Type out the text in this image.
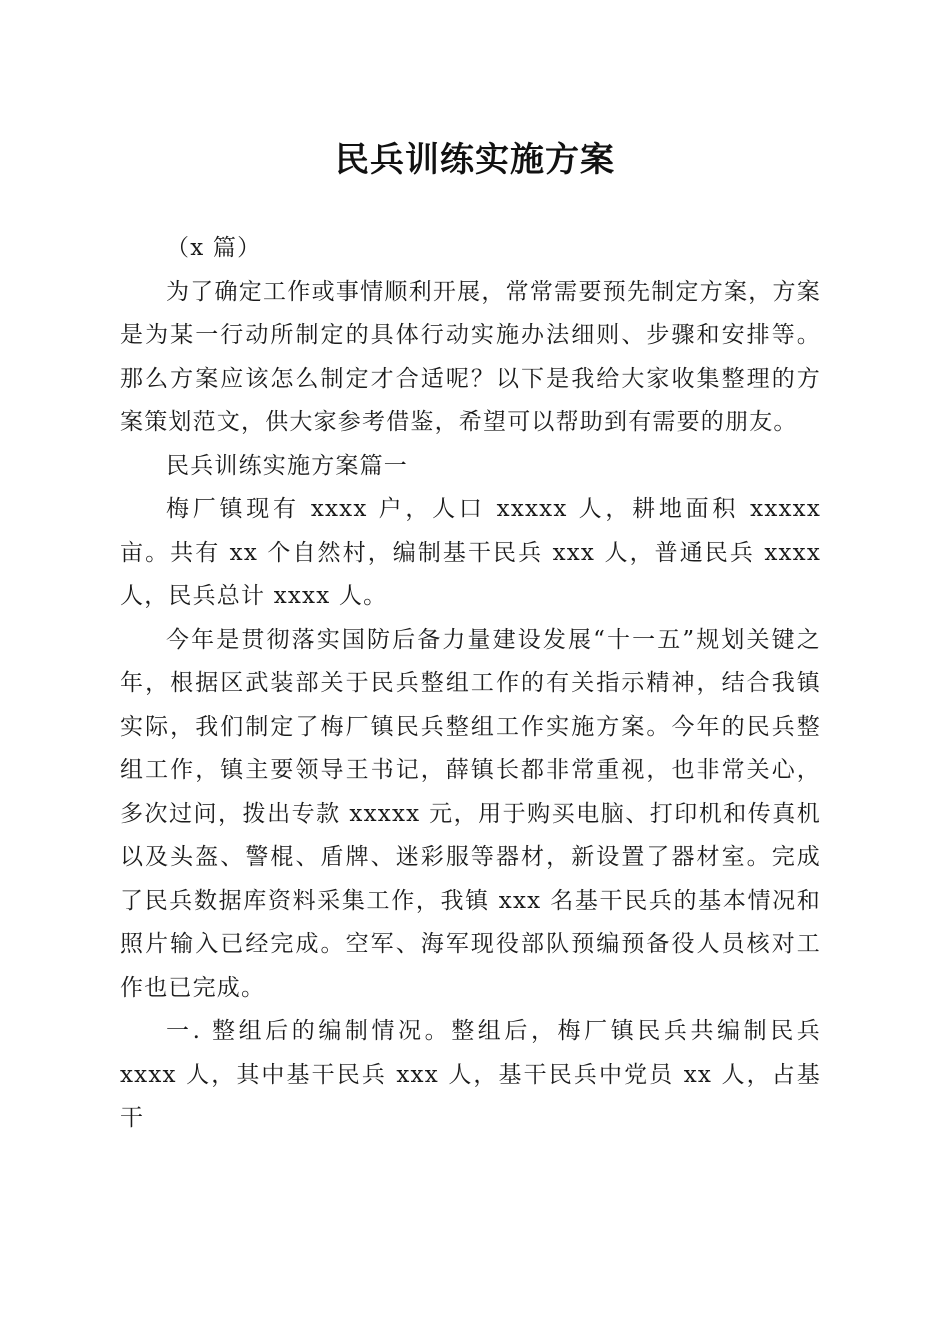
民兵训练实施方案

（x 篇）

为了确定工作或事情顺利开展，常常需要预先制定方案，方案是为某一行动所制定的具体行动实施办法细则、步骤和安排等。那么方案应该怎么制定才合适呢？以下是我给大家收集整理的方案策划范文，供大家参考借鉴，希望可以帮助到有需要的朋友。

民兵训练实施方案篇一

梅厂镇现有 xxxx 户，人口 xxxxx 人，耕地面积 xxxxx 亩。共有 xx 个自然村，编制基干民兵 xxx 人，普通民兵 xxxx 人，民兵总计 xxxx 人。

今年是贯彻落实国防后备力量建设发展“十一五”规划关键之年，根据区武装部关于民兵整组工作的有关指示精神，结合我镇实际，我们制定了梅厂镇民兵整组工作实施方案。今年的民兵整组工作，镇主要领导王书记，薛镇长都非常重视，也非常关心，多次过问，拨出专款 xxxxx 元，用于购买电脑、打印机和传真机以及头盔、警棍、盾牌、迷彩服等器材，新设置了器材室。完成了民兵数据库资料采集工作，我镇 xxx 名基干民兵的基本情况和照片输入已经完成。空军、海军现役部队预编预备役人员核对工作也已完成。

一. 整组后的编制情况。整组后，梅厂镇民兵共编制民兵 xxxx 人，其中基干民兵 xxx 人，基干民兵中党员 xx 人，占基干
